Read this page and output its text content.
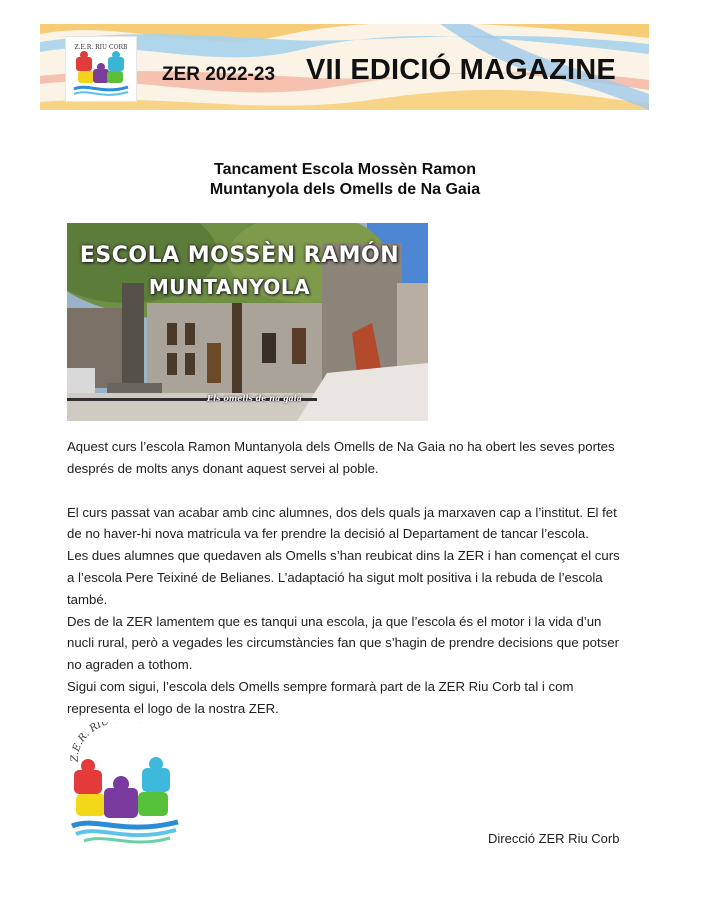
Z.E.R. RIU CORB
ZER 2022-23 VII EDICIÓ MAGAZINE
Tancament Escola Mossèn Ramon
Muntanyola dels Omells de Na Gaia
ESCOLA MOSSÈN RAMÓN
MUNTANYOLA
Els omells de na gaia

Aquest curs l’escola Ramon Muntanyola dels Omells de Na Gaia no ha obert les seves portes després de molts anys donant aquest servei al poble.

El curs passat van acabar amb cinc alumnes, dos dels quals ja marxaven cap a l’institut. El fet de no haver-hi nova matricula va fer prendre la decisió al Departament de tancar l’escola.

Les dues alumnes que quedaven als Omells s’han reubicat dins la ZER i han començat el curs a l’escola Pere Teixiné de Belianes. L’adaptació ha sigut molt positiva i la rebuda de l’escola també.

Des de la ZER lamentem que es tanqui una escola, ja que l’escola és el motor i la vida d’un nucli rural, però a vegades les circumstàncies fan que s’hagin de prendre decisions que potser no agraden a tothom.

Sigui com sigui, l’escola dels Omells sempre formarà part de la ZER Riu Corb tal i com representa el logo de la nostra ZER.

Z.E.R. RIU
Direcció ZER Riu Corb
